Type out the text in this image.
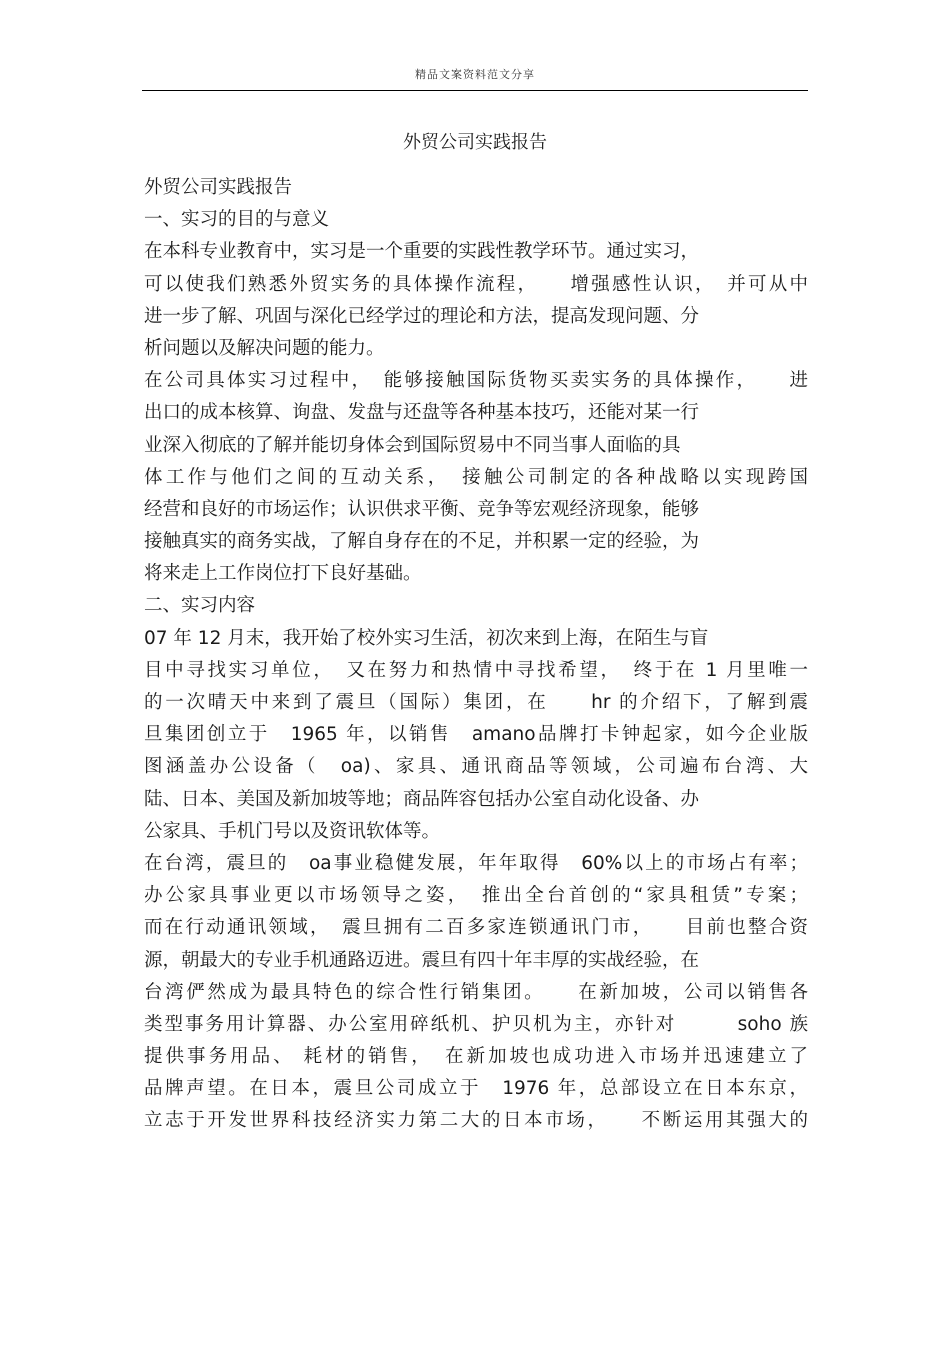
精品文案资料范文分享
外贸公司实践报告
外贸公司实践报告
一、实习的目的与意义
在本科专业教育中，实习是一个重要的实践性教学环节。通过实习，
可以使我们熟悉外贸实务的具体操作流程，　　增强感性认识，　并可从中
进一步了解、巩固与深化已经学过的理论和方法，提高发现问题、分
析问题以及解决问题的能力。
在公司具体实习过程中，　能够接触国际货物买卖实务的具体操作，　　进
出口的成本核算、询盘、发盘与还盘等各种基本技巧，还能对某一行
业深入彻底的了解并能切身体会到国际贸易中不同当事人面临的具
体工作与他们之间的互动关系，　接触公司制定的各种战略以实现跨国
经营和良好的市场运作；认识供求平衡、竞争等宏观经济现象，能够
接触真实的商务实战，了解自身存在的不足，并积累一定的经验，为
将来走上工作岗位打下良好基础。
二、实习内容
07 年 12 月末，我开始了校外实习生活，初次来到上海，在陌生与盲
目中寻找实习单位，　又在努力和热情中寻找希望，　终于在 1 月里唯一
的一次晴天中来到了震旦（国际）集团，在　　hr 的介绍下，了解到震
旦集团创立于　1965 年，以销售　amano品牌打卡钟起家，如今企业版
图涵盖办公设备（　oa)、家具、通讯商品等领域，公司遍布台湾、大
陆、日本、美国及新加坡等地；商品阵容包括办公室自动化设备、办
公家具、手机门号以及资讯软体等。
在台湾，震旦的　oa事业稳健发展，年年取得　60%以上的市场占有率；
办公家具事业更以市场领导之姿，　推出全台首创的“家具租赁”专案；
而在行动通讯领域，　震旦拥有二百多家连锁通讯门市，　　目前也整合资
源，朝最大的专业手机通路迈进。震旦有四十年丰厚的实战经验，在
台湾俨然成为最具特色的综合性行销集团。　　在新加坡，公司以销售各
类型事务用计算器、办公室用碎纸机、护贝机为主，亦针对　　　soho 族
提供事务用品、 耗材的销售，　在新加坡也成功进入市场并迅速建立了
品牌声望。在日本，震旦公司成立于　1976 年，总部设立在日本东京，
立志于开发世界科技经济实力第二大的日本市场，　　不断运用其强大的
